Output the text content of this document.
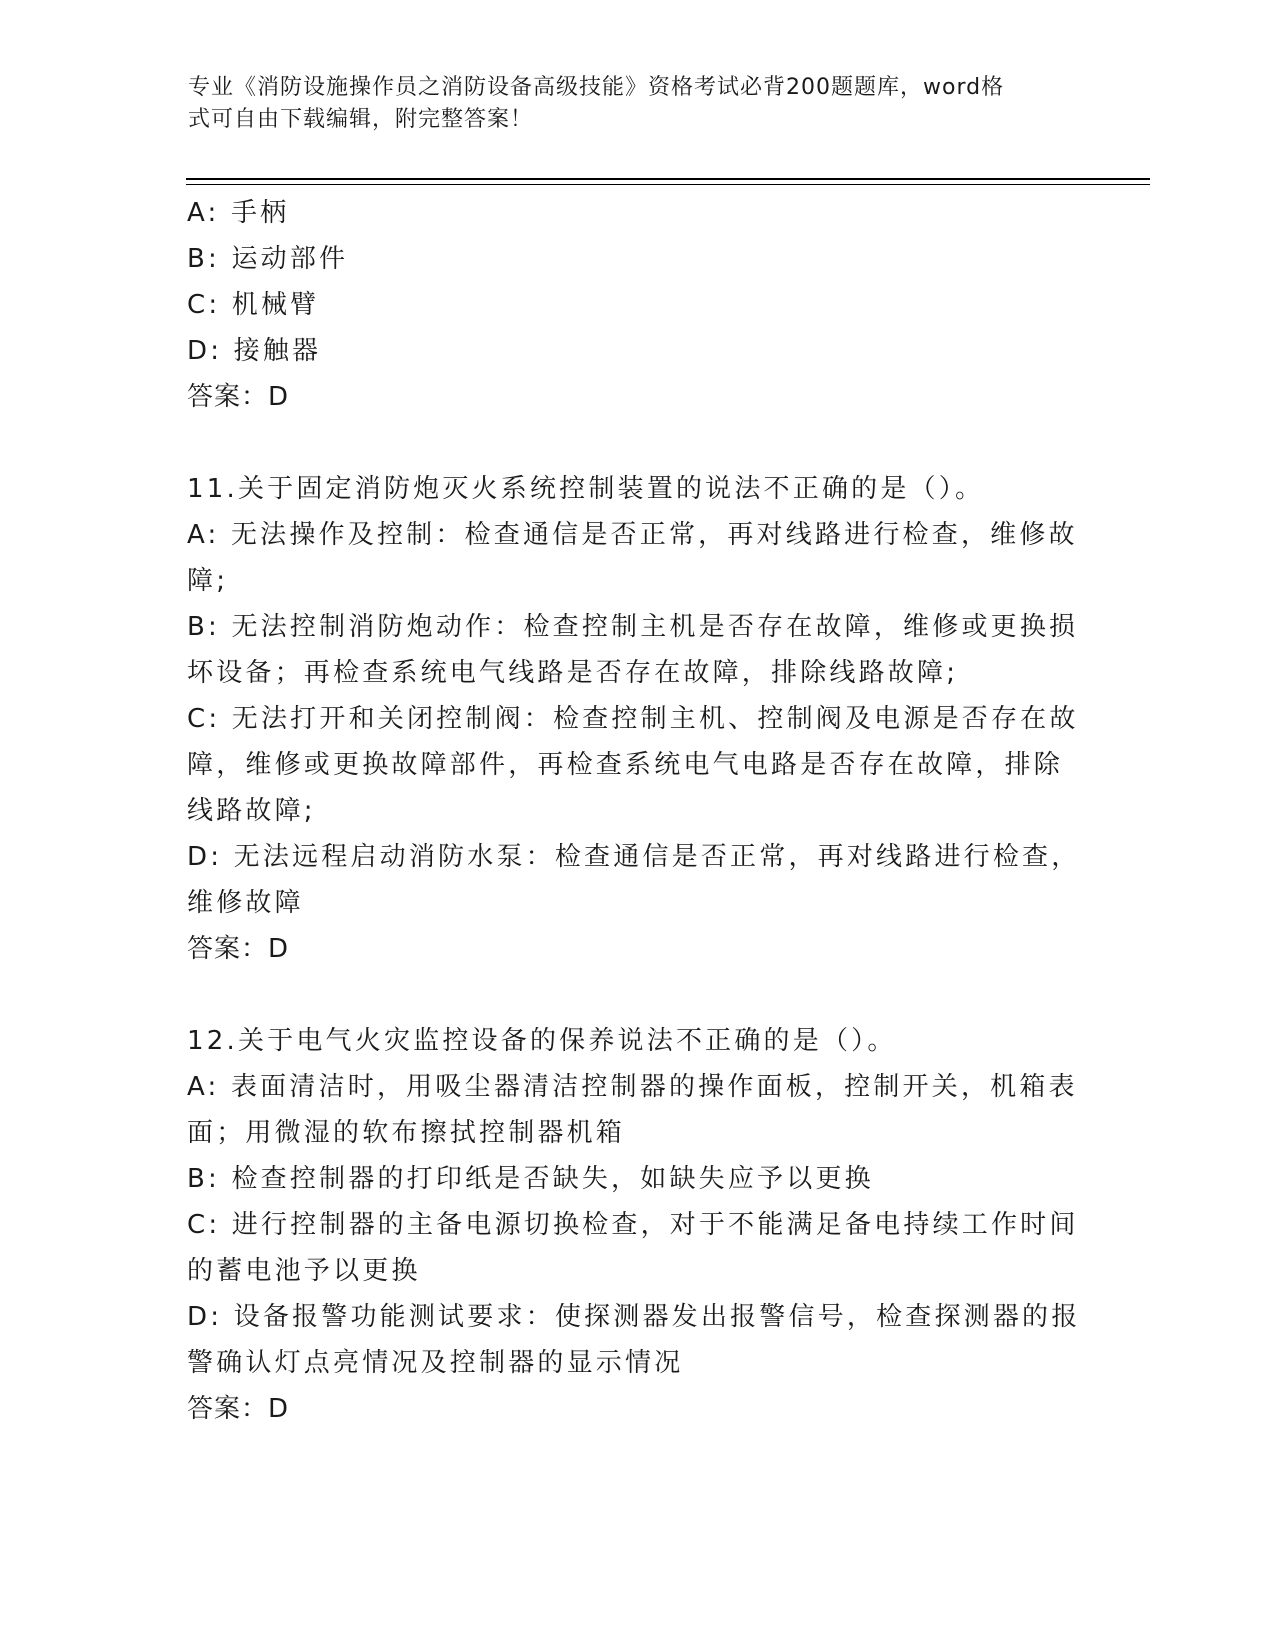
专业《消防设施操作员之消防设备高级技能》资格考试必背200题题库，word格
式可自由下载编辑，附完整答案！
A: 手柄
B: 运动部件
C: 机械臂
D: 接触器
答案：D
11.关于固定消防炮灭火系统控制装置的说法不正确的是（）。
A: 无法操作及控制：检查通信是否正常，再对线路进行检查，维修故
障;
B: 无法控制消防炮动作：检查控制主机是否存在故障，维修或更换损
坏设备；再检查系统电气线路是否存在故障，排除线路故障;
C: 无法打开和关闭控制阀：检查控制主机、控制阀及电源是否存在故
障，维修或更换故障部件，再检查系统电气电路是否存在故障，排除
线路故障;
D: 无法远程启动消防水泵：检查通信是否正常，再对线路进行检查，
维修故障
答案：D
12.关于电气火灾监控设备的保养说法不正确的是（）。
A: 表面清洁时，用吸尘器清洁控制器的操作面板，控制开关，机箱表
面；用微湿的软布擦拭控制器机箱
B: 检查控制器的打印纸是否缺失，如缺失应予以更换
C: 进行控制器的主备电源切换检查，对于不能满足备电持续工作时间
的蓄电池予以更换
D: 设备报警功能测试要求：使探测器发出报警信号，检查探测器的报
警确认灯点亮情况及控制器的显示情况
答案：D
